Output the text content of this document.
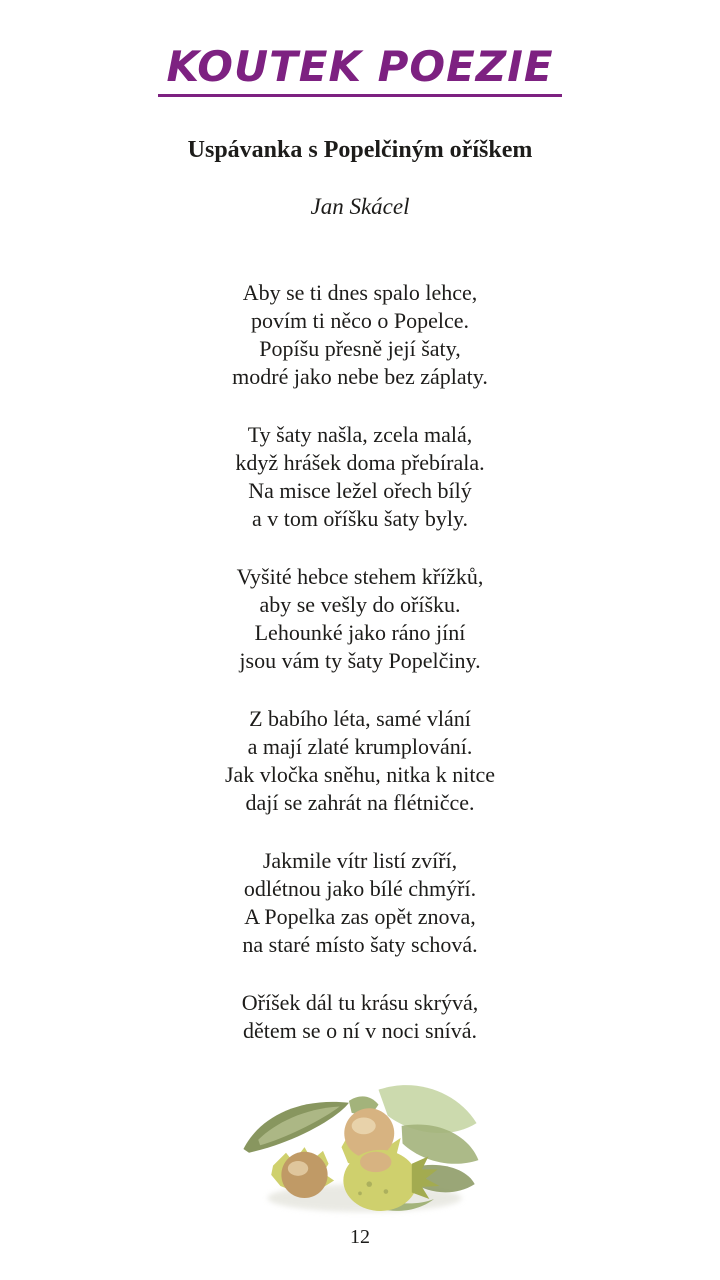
KOUTEK POEZIE
Uspávanka s Popelčiným oříškem
Jan Skácel
Aby se ti dnes spalo lehce,
povím ti něco o Popelce.
Popíšu přesně její šaty,
modré jako nebe bez záplaty.
Ty šaty našla, zcela malá,
když hrášek doma přebírala.
Na misce ležel ořech bílý
a v tom oříšku šaty byly.
Vyšité hebce stehem křížků,
aby se vešly do oříšku.
Lehounké jako ráno jíní
jsou vám ty šaty Popelčiny.
Z babího léta, samé vlání
a mají zlaté krumplování.
Jak vločka sněhu, nitka k nitce
dají se zahrát na flétničce.
Jakmile vítr listí zvíří,
odlétnou jako bílé chmýří.
A Popelka zas opět znova,
na staré místo šaty schová.
Oříšek dál tu krásu skrývá,
dětem se o ní v noci snívá.
12
